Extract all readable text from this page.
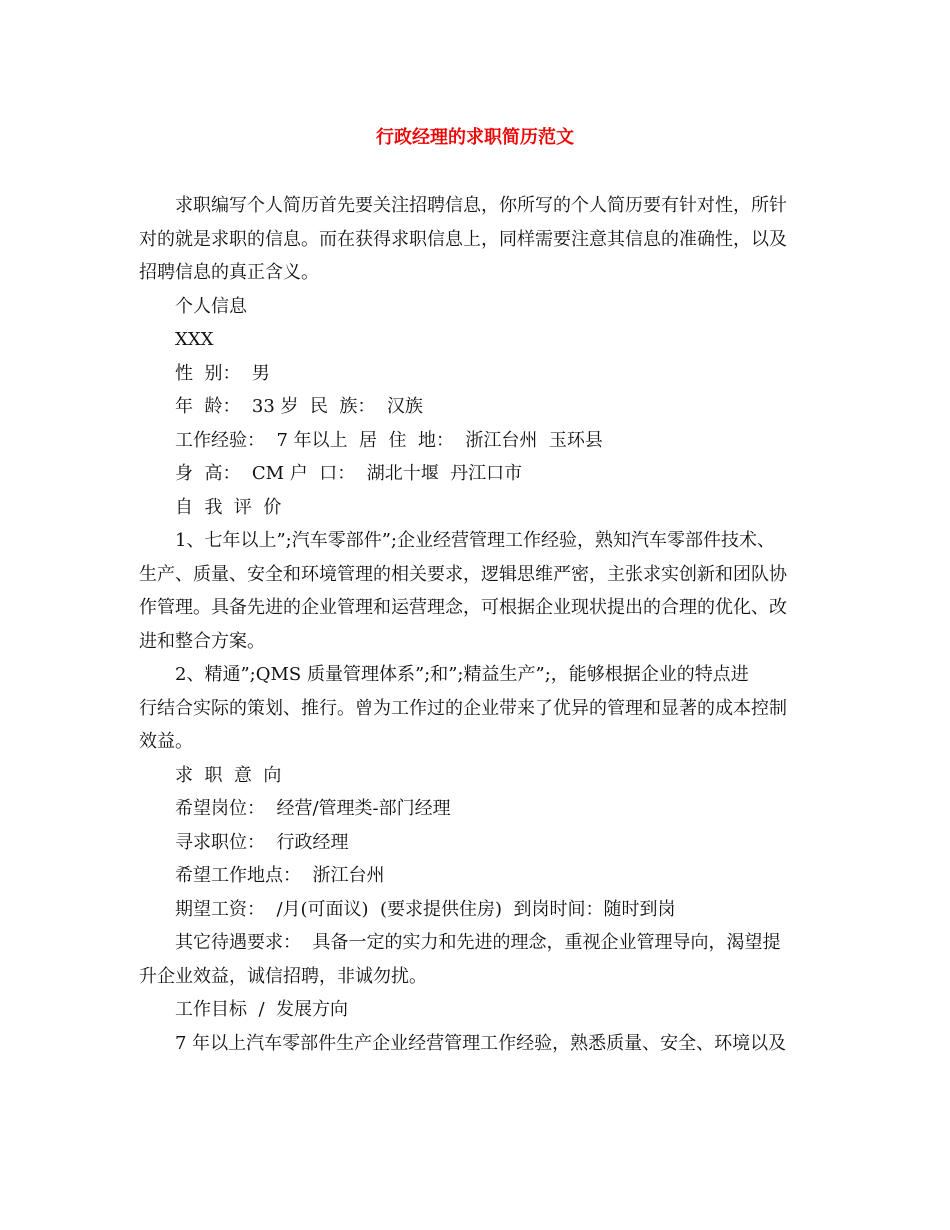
行政经理的求职简历范文
求职编写个人简历首先要关注招聘信息，你所写的个人简历要有针对性，所针
对的就是求职的信息。而在获得求职信息上，同样需要注意其信息的准确性，以及
招聘信息的真正含义。
个人信息
XXX
性  别：  男
年  龄：  33 岁  民  族：  汉族
工作经验：  7 年以上  居  住  地：  浙江台州  玉环县
身  高：  CM 户  口：  湖北十堰  丹江口市
自  我  评  价
1、七年以上”;汽车零部件”;企业经营管理工作经验，熟知汽车零部件技术、
生产、质量、安全和环境管理的相关要求，逻辑思维严密，主张求实创新和团队协
作管理。具备先进的企业管理和运营理念，可根据企业现状提出的合理的优化、改
进和整合方案。
2、精通”;QMS 质量管理体系”;和”;精益生产”;，能够根据企业的特点进
行结合实际的策划、推行。曾为工作过的企业带来了优异的管理和显著的成本控制
效益。
求  职  意  向
希望岗位：  经营/管理类-部门经理
寻求职位：  行政经理
希望工作地点：  浙江台州
期望工资：  /月(可面议)  (要求提供住房)  到岗时间：随时到岗
其它待遇要求：  具备一定的实力和先进的理念，重视企业管理导向，渴望提
升企业效益，诚信招聘，非诚勿扰。
工作目标  /  发展方向
7 年以上汽车零部件生产企业经营管理工作经验，熟悉质量、安全、环境以及
